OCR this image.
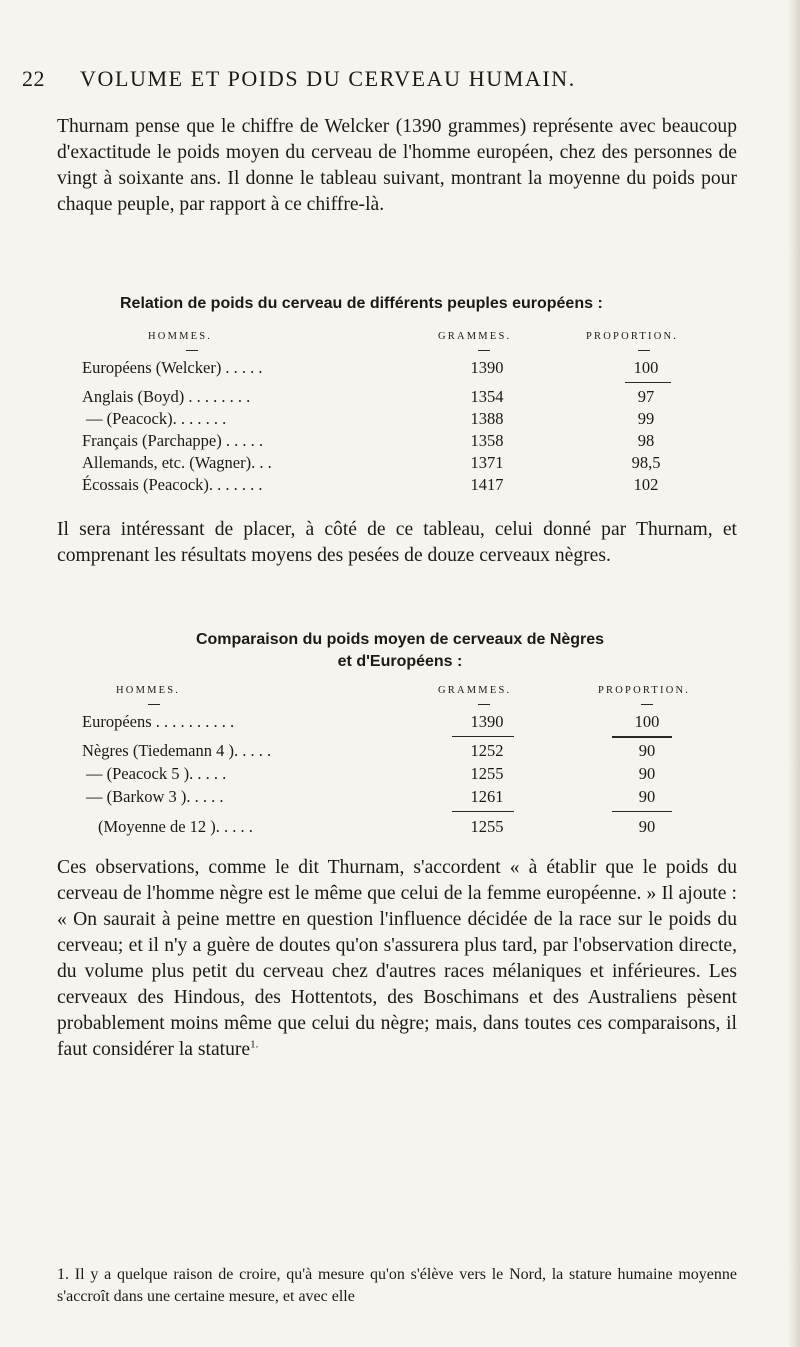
22 VOLUME ET POIDS DU CERVEAU HUMAIN.
Thurnam pense que le chiffre de Welcker (1390 grammes) représente avec beaucoup d'exactitude le poids moyen du cerveau de l'homme européen, chez des personnes de vingt à soixante ans. Il donne le tableau suivant, montrant la moyenne du poids pour chaque peuple, par rapport à ce chiffre-là.
Relation de poids du cerveau de différents peuples européens :
HOMMES.	GRAMMES.	PROPORTION.
Européens (Welcker) . . . . .	1390	100
Anglais (Boyd) . . . . . . . .	1354	97
— (Peacock). . . . . . .	1388	99
Français (Parchappe) . . . . .	1358	98
Allemands, etc. (Wagner). . .	1371	98,5
Écossais (Peacock). . . . . . .	1417	102
Il sera intéressant de placer, à côté de ce tableau, celui donné par Thurnam, et comprenant les résultats moyens des pesées de douze cerveaux nègres.
Comparaison du poids moyen de cerveaux de Nègres
et d'Européens :
HOMMES.	GRAMMES.	PROPORTION.
Européens . . . . . . . . . .	1390	100
Nègres (Tiedemann 4 ). . . . .	1252	90
— (Peacock 5 ). . . . .	1255	90
— (Barkow 3 ). . . . .	1261	90
(Moyenne de 12 ). . . . .	1255	90
Ces observations, comme le dit Thurnam, s'accordent « à établir que le poids du cerveau de l'homme nègre est le même que celui de la femme européenne. » Il ajoute : « On saurait à peine mettre en question l'influence décidée de la race sur le poids du cerveau; et il n'y a guère de doutes qu'on s'assurera plus tard, par l'observation directe, du volume plus petit du cerveau chez d'autres races mélaniques et inférieures. Les cerveaux des Hindous, des Hottentots, des Boschimans et des Australiens pèsent probablement moins même que celui du nègre; mais, dans toutes ces comparaisons, il faut considérer la stature$^{1.}$
1. Il y a quelque raison de croire, qu'à mesure qu'on s'élève vers le Nord, la stature humaine moyenne s'accroît dans une certaine mesure, et avec elle
